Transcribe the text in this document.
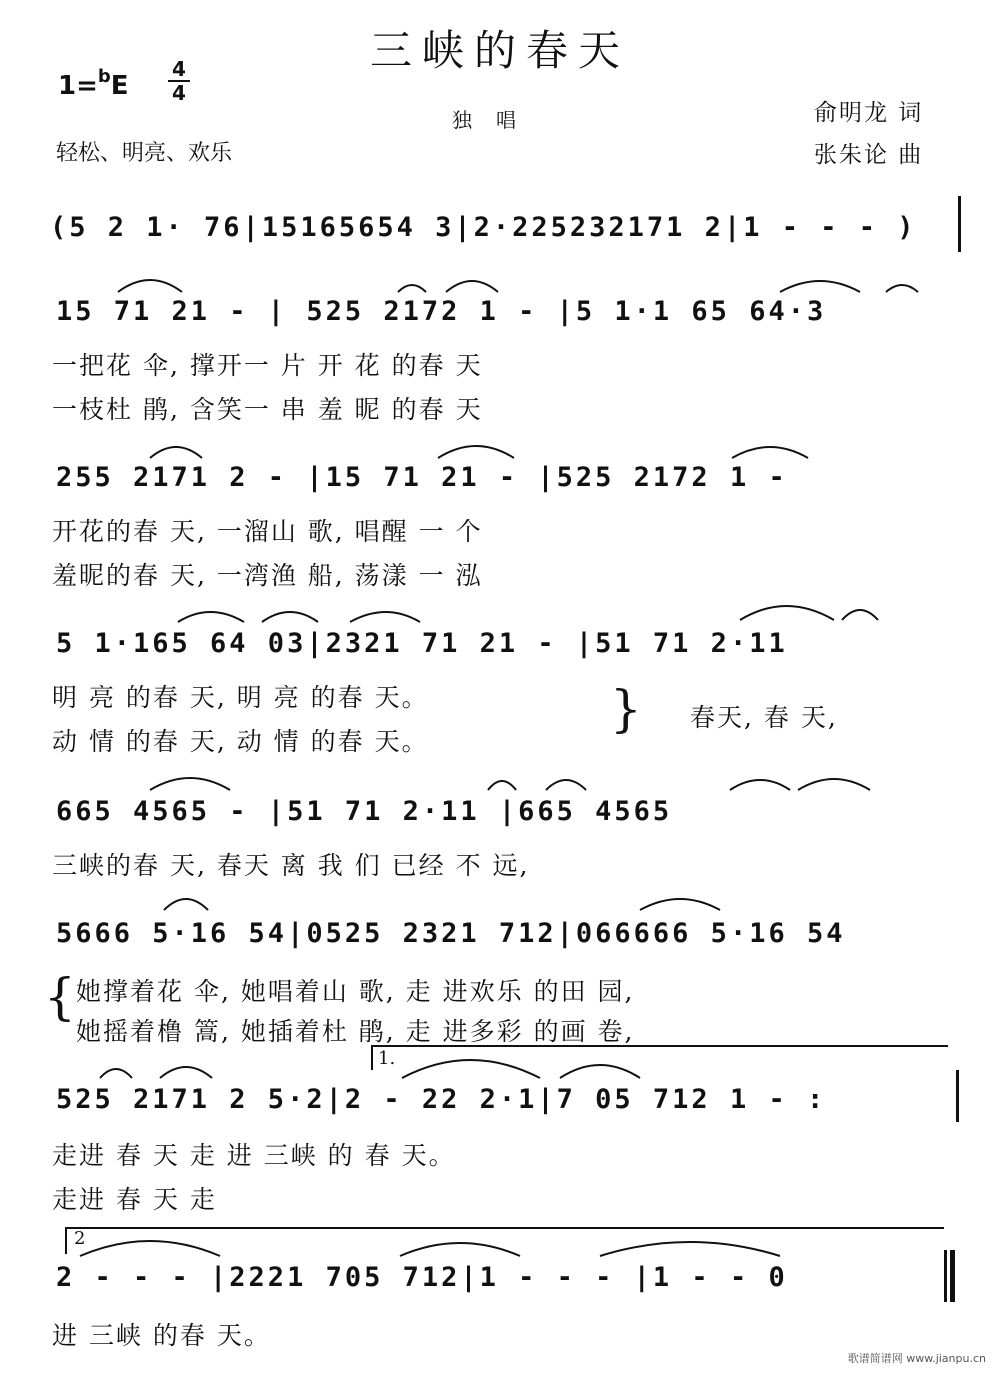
三峡的春天
1=$^b$E
4
4
独唱
轻松、明亮、欢乐
俞明龙 词
张朱论 曲
(5 2 1· 76|15165654 3|2·225232171 2|1 - - - )
15 71 21 - | 525 2172 1 - |5 1·1 65 64·3
一把花 伞, 撑开一 片 开 花 的春 天
一枝杜 鹃, 含笑一 串 羞 昵 的春 天
255 2171 2 - |15 71 21 - |525 2172 1 -
开花的春 天, 一溜山 歌, 唱醒 一 个
羞昵的春 天, 一湾渔 船, 荡漾 一 泓
5 1·165 64 03|2321 71 21 - |51 71 2·11
明 亮 的春 天, 明 亮 的春 天。
动 情 的春 天, 动 情 的春 天。
} 春天, 春 天,
665 4565 - |51 71 2·11 |665 4565
三峡的春 天, 春天 离 我 们 已经 不 远,
5666 5·16 54|0525 2321 712|066666 5·16 54
{ 她撑着花 伞, 她唱着山 歌, 走 进欢乐 的田 园,
她摇着橹 篙, 她插着杜 鹃, 走 进多彩 的画 卷,
525 2171 2 5·2|2 - 22 2·1|7 05 712 1 - :
走进 春 天 走 进 三峡 的 春 天。
走进 春 天 走
1.
2
2 - - - |2221 705 712|1 - - - |1 - - 0
进 三峡 的春 天。
歌谱简谱网 www.jianpu.cn
